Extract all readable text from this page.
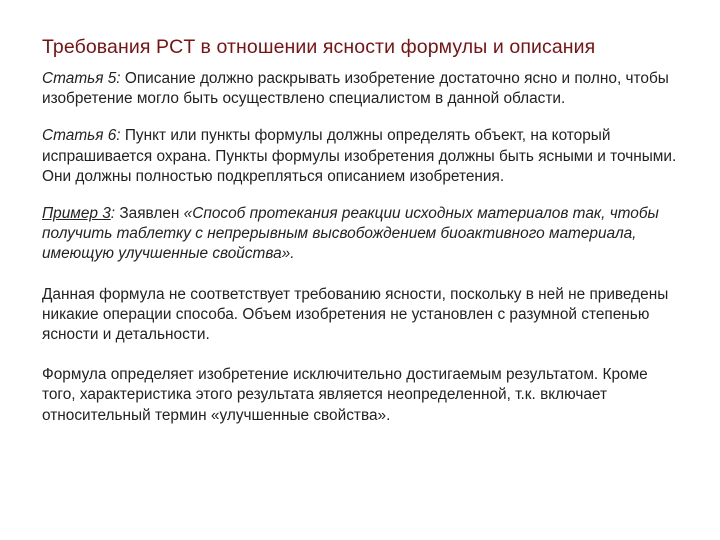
Требования PCT в отношении ясности формулы и описания

Статья 5: Описание должно раскрывать изобретение достаточно ясно и полно, чтобы изобретение могло быть осуществлено специалистом в данной области.

Статья 6: Пункт или пункты формулы должны определять объект, на который испрашивается охрана. Пункты формулы изобретения должны быть ясными и точными. Они должны полностью подкрепляться описанием изобретения.

Пример 3: Заявлен «Способ протекания реакции исходных материалов так, чтобы получить таблетку с непрерывным высвобождением биоактивного материала, имеющую улучшенные свойства».

Данная формула не соответствует требованию ясности, поскольку в ней не приведены никакие операции способа. Объем изобретения не установлен с разумной степенью ясности и детальности.

Формула определяет изобретение исключительно достигаемым результатом. Кроме того, характеристика этого результата является неопределенной, т.к. включает относительный термин «улучшенные свойства».
